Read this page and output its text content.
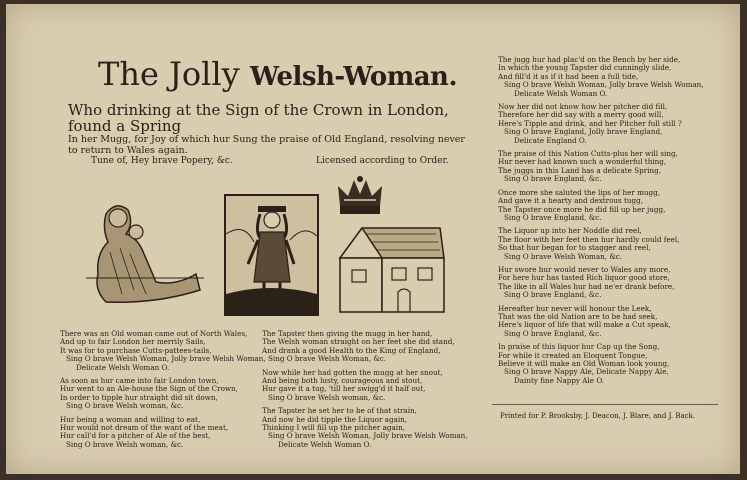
The Jolly Welsh-Woman.
Who drinking at the Sign of the Crown in London, found a Spring
In her Mugg, for Joy of which hur Sung the praise of Old England, resolving never to return to Wales again.
Tune of, Hey brave Popery, &c.	Licensed according to Order.
There was an Old woman came out of North Wales,
And up to fair London her merrily Sails,
It was for to purchase Cutts-pattees-tails,
Sing O brave Welsh Woman, Jolly brave Welsh Woman,
Delicate Welsh Woman O.
As soon as hur came into fair London town,
Hur went to an Ale-house the Sign of the Crown,
In order to tipple hur straight did sit down,
Sing O brave Welsh woman, &c.
Hur being a woman and willing to eat,
Hur would not dream of the want of the meat,
Hur call'd for a pitcher of Ale of the best,
Sing O brave Welsh woman, &c.
The Tapster then giving the mugg in her hand,
The Welsh woman straight on her feet she did stand,
And drank a good Health to the King of England,
Sing O brave Welsh Woman, &c.
Now while her had gotten the mugg at her snout,
And being both lusty, courageous and stout,
Hur gave it a tug, 'till her swigg'd it half out,
Sing O brave Welsh woman, &c.
The Tapster he set her to be of that strain,
And now he did tipple the Liquor again,
Thinking I will fill up the pitcher again,
Sing O brave Welsh Woman, Jolly brave Welsh Woman,
Delicate Welsh Woman O.
The jugg hur had plac'd on the Bench by her side,
In which the young Tapster did cunningly slide,
And fill'd it as if it had been a full tide,
Sing O brave Welsh Woman, Jolly brave Welsh Woman,
Delicate Welsh Woman O.
Now her did not know how her pitcher did fill,
Therefore her did say with a merry good will,
Here's Tipple and drink, and her Pitcher full still ?
Sing O brave England, Jolly brave England,
Delicate England O.
The praise of this Nation Cutts-plus her will sing,
Hur never had known such a wonderful thing,
The juggs in this Land has a delicate Spring,
Sing O brave England, &c.
Once more she saluted the lips of her mugg,
And gave it a hearty and dextrous tugg,
The Tapster once more he did fill up her jugg,
Sing O brave England, &c.
The Liquor up into her Noddle did reel,
The floor with her feet then hur hardly could feel,
So that hur began for to stagger and reel,
Sing O brave Welsh Woman, &c.
Hur swore hur would never to Wales any more,
For here hur has tasted Rich liquor good store,
The like in all Wales hur had ne'er drank before,
Sing O brave England, &c.
Hereafter hur never will honour the Leek,
That was the old Nation are to be had seek,
Here's liquor of life that will make a Cut speak,
Sing O brave England, &c.
In praise of this liquor hur Cap up the Song,
For while it created an Eloquent Tongue,
Believe it will make an Old Woman look young,
Sing O brave Nappy Ale, Delicate Nappy Ale,
Dainty fine Nappy Ale O.
Printed for P. Brooksby, J. Deacon, J. Blare, and J. Back.
